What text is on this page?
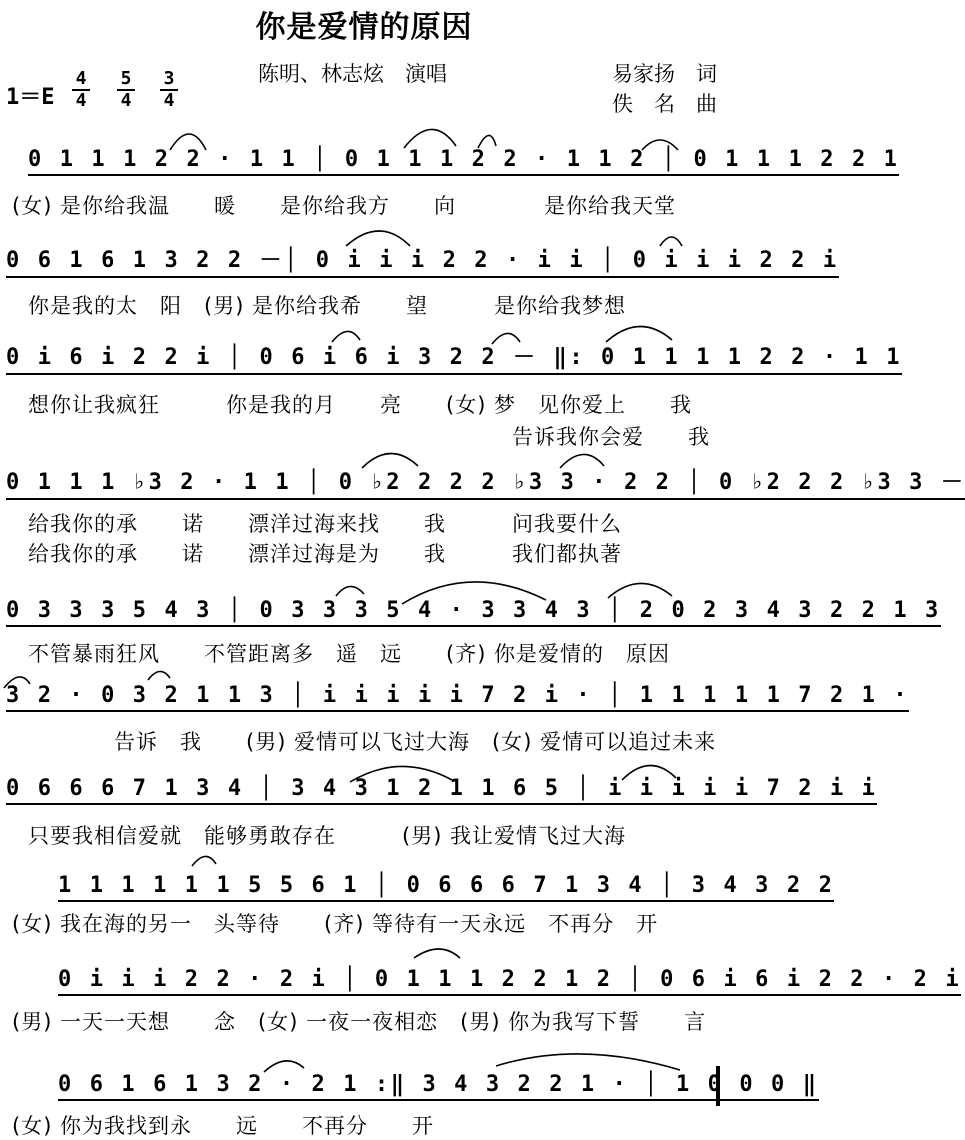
你是爱情的原因
陈明、林志炫　演唱	易家扬　词
佚　名　曲
1＝E
4
4
5
4
3
4
0 1 1 1 2 2 · 1 1 │ 0 1 1 1 2 2 · 1 1 2 │ 0 1 1 1 2 2 1
(女) 是你给我温　　暖　　是你给我方　　向　　　　是你给我天堂
0 6 1 6 1 3 2 2 －│ 0 i i i 2 2 · i i │ 0 i i i 2 2 i
你是我的太　阳　(男) 是你给我希　　望　　　是你给我梦想
0 i 6 i 2 2 i │ 0 6 i 6 i 3 2 2 － ‖: 0 1 1 1 1 2 2 · 1 1
想你让我疯狂　　　你是我的月　　亮　　(女) 梦　见你爱上　　我
　　　　　　　　　　　　　　　　　　　　　　告诉我你会爱　　我
0 1 1 1 ♭3 2 · 1 1 │ 0 ♭2 2 2 2 ♭3 3 · 2 2 │ 0 ♭2 2 2 ♭3 3 －
给我你的承　　诺　　漂洋过海来找　　我　　　问我要什么
给我你的承　　诺　　漂洋过海是为　　我　　　我们都执著
0 3 3 3 5 4 3 │ 0 3 3 3 5 4 · 3 3 4 3 │ 2 0 2 3 4 3 2 2 1 3
不管暴雨狂风　　不管距离多　遥　远　　(齐) 你是爱情的　原因
3 2 · 0 3 2 1 1 3 │ i i i i i 7 2 i · │ 1 1 1 1 1 7 2 1 ·
　　告诉　我　　(男) 爱情可以飞过大海　(女) 爱情可以追过未来
0 6 6 6 7 1 3 4 │ 3 4 3 1 2 1 1 6 5 │ i i i i i 7 2 i i
只要我相信爱就　能够勇敢存在　　　(男) 我让爱情飞过大海
1 1 1 1 1 1 5 5 6 1 │ 0 6 6 6 7 1 3 4 │ 3 4 3 2 2
(女) 我在海的另一　头等待　　(齐) 等待有一天永远　不再分　开
0 i i i 2 2 · 2 i │ 0 1 1 1 2 2 1 2 │ 0 6 i 6 i 2 2 · 2 i
(男) 一天一天想　　念　(女) 一夜一夜相恋　(男) 你为我写下誓　　言
0 6 1 6 1 3 2 · 2 1 :‖ 3 4 3 2 2 1 · │ 1 0 0 0 ‖
(女) 你为我找到永　　远　　不再分　　开
